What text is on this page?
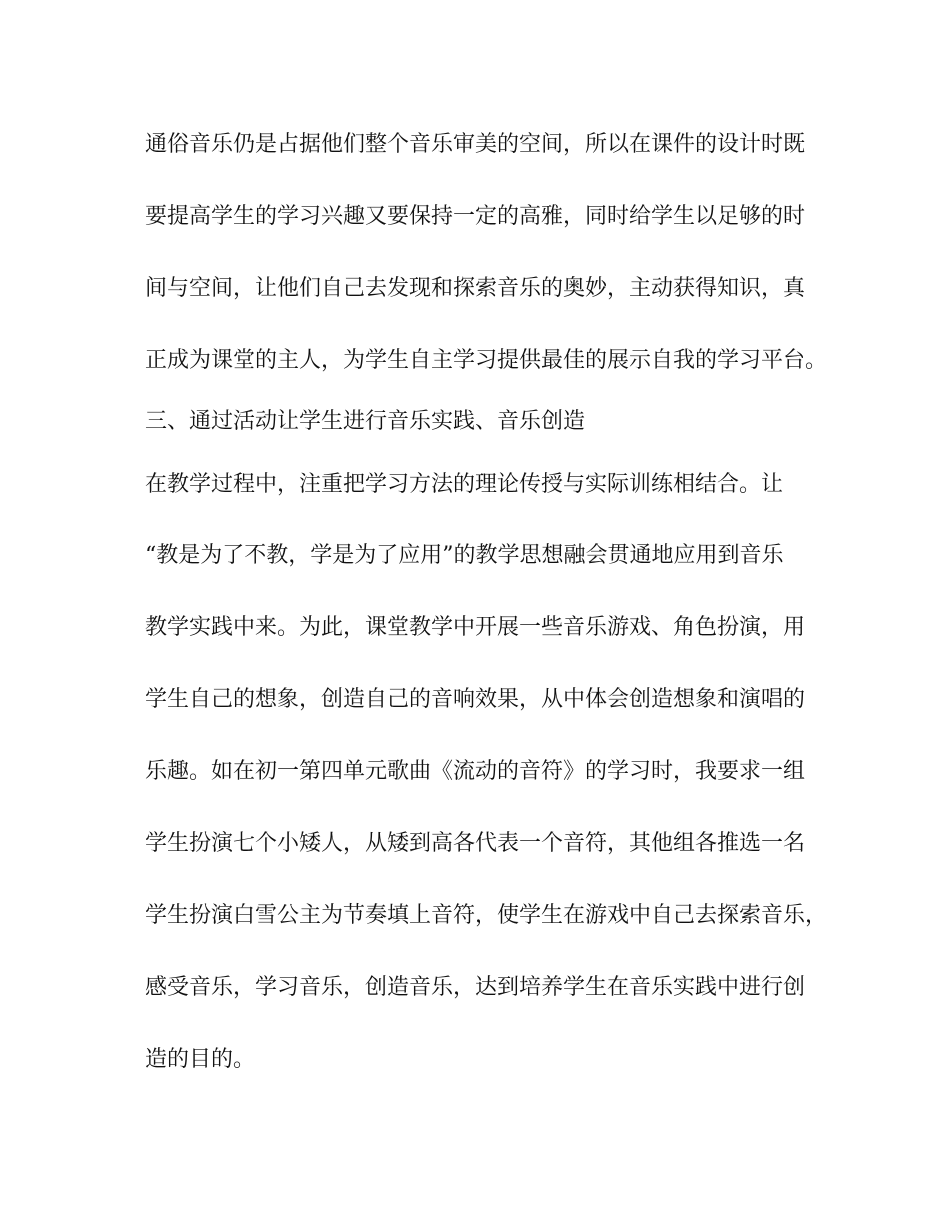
通俗音乐仍是占据他们整个音乐审美的空间，所以在课件的设计时既
要提高学生的学习兴趣又要保持一定的高雅，同时给学生以足够的时
间与空间，让他们自己去发现和探索音乐的奥妙，主动获得知识，真
正成为课堂的主人，为学生自主学习提供最佳的展示自我的学习平台。
三、通过活动让学生进行音乐实践、音乐创造
在教学过程中，注重把学习方法的理论传授与实际训练相结合。让
“教是为了不教，学是为了应用”的教学思想融会贯通地应用到音乐
教学实践中来。为此，课堂教学中开展一些音乐游戏、角色扮演，用
学生自己的想象，创造自己的音响效果，从中体会创造想象和演唱的
乐趣。如在初一第四单元歌曲《流动的音符》的学习时，我要求一组
学生扮演七个小矮人，从矮到高各代表一个音符，其他组各推选一名
学生扮演白雪公主为节奏填上音符，使学生在游戏中自己去探索音乐，
感受音乐，学习音乐，创造音乐，达到培养学生在音乐实践中进行创
造的目的。
